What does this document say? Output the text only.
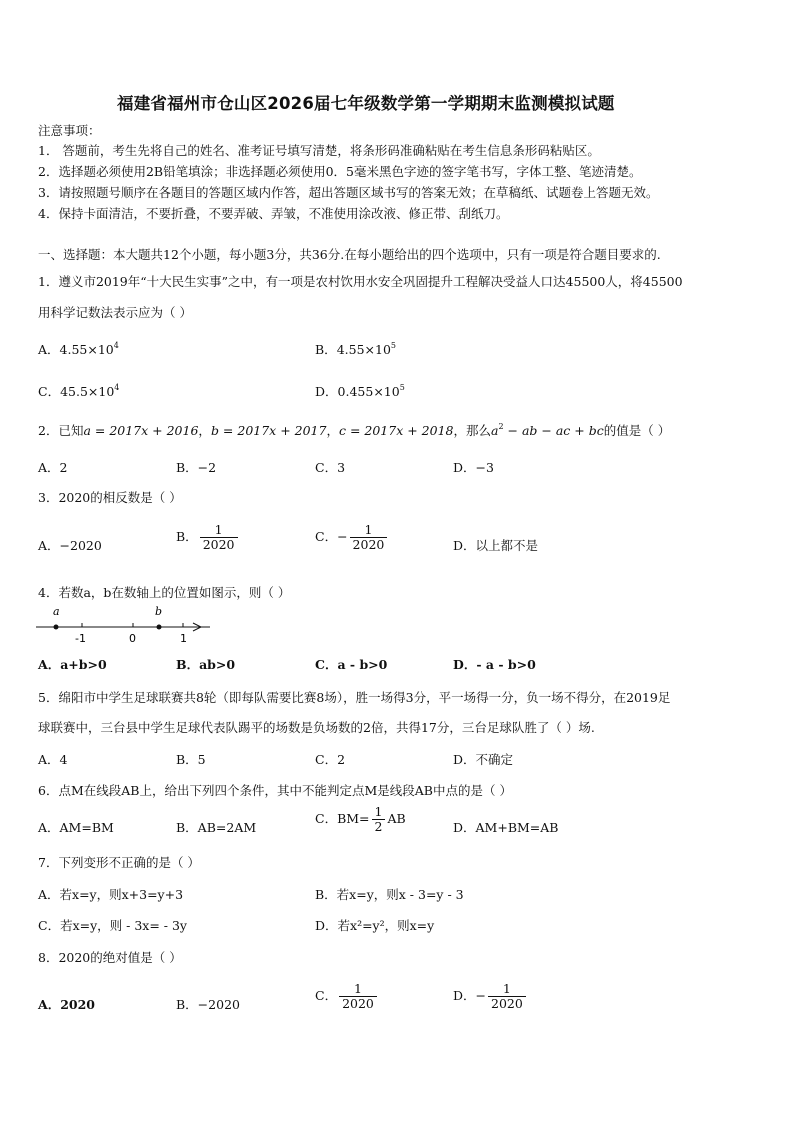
福建省福州市仓山区2026届七年级数学第一学期期末监测模拟试题
注意事项：
1． 答题前，考生先将自己的姓名、准考证号填写清楚，将条形码准确粘贴在考生信息条形码粘贴区。
2．选择题必须使用2B铅笔填涂；非选择题必须使用0．5毫米黑色字迹的签字笔书写，字体工整、笔迹清楚。
3．请按照题号顺序在各题目的答题区域内作答，超出答题区域书写的答案无效；在草稿纸、试题卷上答题无效。
4．保持卡面清洁，不要折叠，不要弄破、弄皱，不准使用涂改液、修正带、刮纸刀。
一、选择题：本大题共12个小题，每小题3分，共36分.在每小题给出的四个选项中，只有一项是符合题目要求的.
1．遵义市2019年“十大民生实事”之中，有一项是农村饮用水安全巩固提升工程解决受益人口达45500人，将45500
用科学记数法表示应为（ ）
A．$4.55\times 10^4$	B．$4.55\times 10^5$
C．$45.5\times 10^4$	D．$0.455\times 10^5$
2．已知a = 2017x + 2016，b = 2017x + 2017，c = 2017x + 2018，那么$a^2$ − ab − ac + bc的值是（ ）
A．2	B．−2	C．3	D．−3
3．2020的相反数是（ ）
A．−2020
B． $\frac{1}{2020}$	C．− $\frac{1}{2020}$	D．以上都不是
4．若数a，b在数轴上的位置如图示，则（ ）
a	b
-1	0	1
A．a+b>0	B．ab>0	C．a - b>0	D．- a - b>0
5．绵阳市中学生足球联赛共8轮（即每队需要比赛8场），胜一场得3分，平一场得一分，负一场不得分，在2019足
球联赛中，三台县中学生足球代表队踢平的场数是负场数的2倍，共得17分，三台足球队胜了（ ）场.
A．4	B．5	C．2	D．不确定
6．点M在线段AB上，给出下列四个条件，其中不能判定点M是线段AB中点的是（ ）
A．AM=BM	B．AB=2AM
C．$BM= \frac{1}{2}$ AB
D．AM+BM=AB
7．下列变形不正确的是（ ）
A．若x=y，则x+3=y+3	B．若x=y，则x - 3=y - 3
C．若x=y，则 - 3x= - 3y	D．若x²=y²，则x=y
8．2020的绝对值是（ ）
A．2020	B．−2020
C． $\frac{1}{2020}$	D．− $\frac{1}{2020}$
